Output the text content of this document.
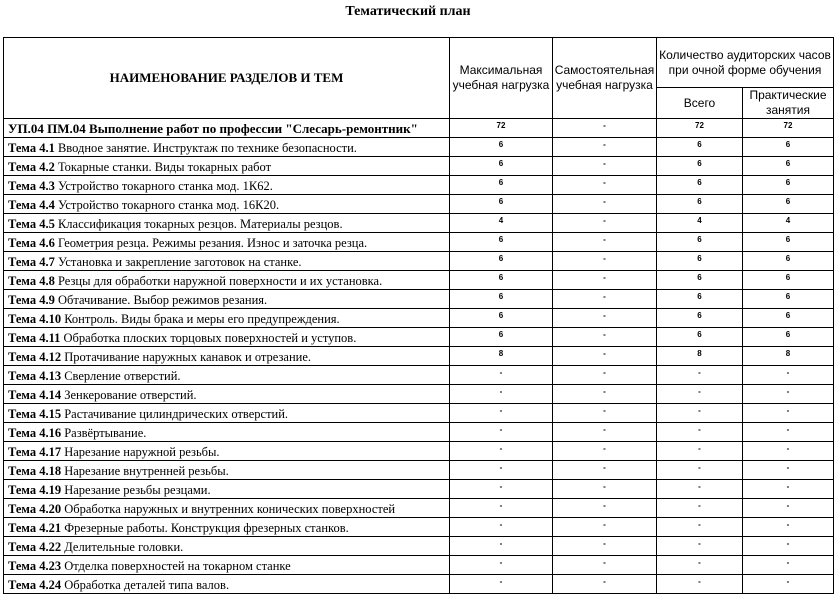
Тематический план
НАИМЕНОВАНИЕ РАЗДЕЛОВ И ТЕМ	Максимальная учебная нагрузка	Самостоятельная учебная нагрузка	Количество аудиторских часов при очной форме обучения	
			Всего	Практические занятия
УП.04 ПМ.04 Выполнение работ по профессии "Слесарь-ремонтник"	72	-	72	72
Тема 4.1 Вводное занятие. Инструктаж по технике безопасности.	6	-	6	6
Тема 4.2 Токарные станки. Виды токарных работ	6	-	6	6
Тема 4.3 Устройство токарного станка мод. 1К62.	6	-	6	6
Тема 4.4 Устройство токарного станка мод. 16К20.	6	-	6	6
Тема 4.5 Классификация токарных резцов. Материалы резцов.	4	-	4	4
Тема 4.6 Геометрия резца. Режимы резания. Износ и заточка резца.	6	-	6	6
Тема 4.7 Установка и закрепление заготовок на станке.	6	-	6	6
Тема 4.8 Резцы для обработки наружной поверхности и их установка.	6	-	6	6
Тема 4.9 Обтачивание. Выбор режимов резания.	6	-	6	6
Тема 4.10 Контроль. Виды брака и меры его предупреждения.	6	-	6	6
Тема 4.11 Обработка плоских торцовых поверхностей и уступов.	6	-	6	6
Тема 4.12 Протачивание наружных канавок и отрезание.	8	-	8	8
Тема 4.13 Сверление отверстий.	-	-	-	-
Тема 4.14 Зенкерование отверстий.	-	-	-	-
Тема 4.15 Растачивание цилиндрических отверстий.	-	-	-	-
Тема 4.16 Развёртывание.	-	-	-	-
Тема 4.17 Нарезание наружной резьбы.	-	-	-	-
Тема 4.18 Нарезание внутренней резьбы.	-	-	-	-
Тема 4.19 Нарезание резьбы резцами.	-	-	-	-
Тема 4.20 Обработка наружных и внутренних конических поверхностей	-	-	-	-
Тема 4.21 Фрезерные работы. Конструкция фрезерных станков.	-	-	-	-
Тема 4.22 Делительные головки.	-	-	-	-
Тема 4.23 Отделка поверхностей на токарном станке	-	-	-	-
Тема 4.24 Обработка деталей типа валов.	-	-	-	-
